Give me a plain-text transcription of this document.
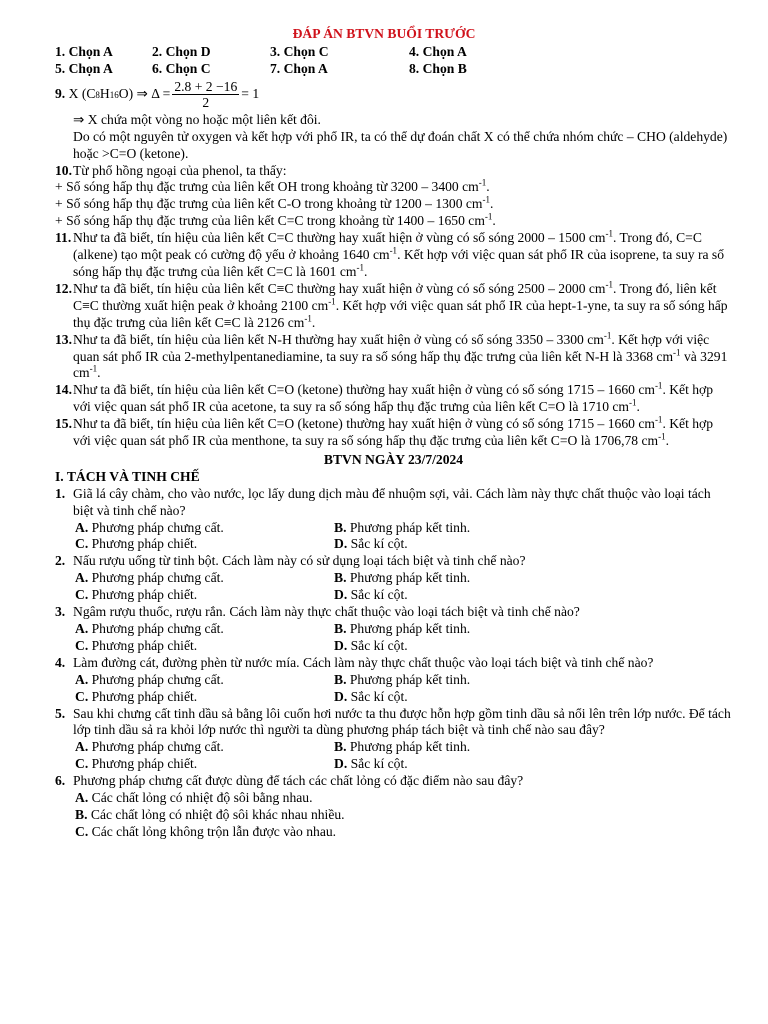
ĐÁP ÁN BTVN BUỔI TRƯỚC
1. Chọn A	2. Chọn D	3. Chọn C	4. Chọn A
5. Chọn A	6. Chọn C	7. Chọn A	8. Chọn B
9.
X (C 8 H 16 O) ⇒ $\Delta = \frac{2.8 + 2 -16}{2} = 1$
⇒ X chứa một vòng no hoặc một liên kết đôi.
Do có một nguyên tử oxygen và kết hợp với phổ IR, ta có thể dự đoán chất X có thể chứa nhóm chức – CHO (aldehyde) hoặc >C=O (ketone).
10. Từ phổ hồng ngoại của phenol, ta thấy:
+ Số sóng hấp thụ đặc trưng của liên kết OH trong khoảng từ 3200 – 3400 $cm^{-1}$.
+ Số sóng hấp thụ đặc trưng của liên kết C-O trong khoảng từ 1200 – 1300 $cm^{-1}$.
+ Số sóng hấp thụ đặc trưng của liên kết C=C trong khoảng từ 1400 – 1650 $cm^{-1}$.
11. Như ta đã biết, tín hiệu của liên kết C=C thường hay xuất hiện ở vùng có số sóng 2000 – 1500 $cm^{-1}$. Trong đó, C=C (alkene) tạo một peak có cường độ yếu ở khoảng 1640 $cm^{-1}$. Kết hợp với việc quan sát phổ IR của isoprene, ta suy ra số sóng hấp thụ đặc trưng của liên kết C=C là 1601 $cm^{-1}$.
12. Như ta đã biết, tín hiệu của liên kết C≡C thường hay xuất hiện ở vùng có số sóng 2500 – 2000 $cm^{-1}$. Trong đó, liên kết C≡C thường xuất hiện peak ở khoảng 2100 $cm^{-1}$. Kết hợp với việc quan sát phổ IR của hept-1-yne, ta suy ra số sóng hấp thụ đặc trưng của liên kết C≡C là 2126 $cm^{-1}$.
13. Như ta đã biết, tín hiệu của liên kết N-H thường hay xuất hiện ở vùng có số sóng 3350 – 3300 $cm^{-1}$. Kết hợp với việc quan sát phổ IR của 2-methylpentanediamine, ta suy ra số sóng hấp thụ đặc trưng của liên kết N-H là 3368 $cm^{-1}$ và 3291 $cm^{-1}$.
14. Như ta đã biết, tín hiệu của liên kết C=O (ketone) thường hay xuất hiện ở vùng có số sóng 1715 – 1660 $cm^{-1}$. Kết hợp với việc quan sát phổ IR của acetone, ta suy ra số sóng hấp thụ đặc trưng của liên kết C=O là 1710 $cm^{-1}$.
15. Như ta đã biết, tín hiệu của liên kết C=O (ketone) thường hay xuất hiện ở vùng có số sóng 1715 – 1660 $cm^{-1}$. Kết hợp với việc quan sát phổ IR của menthone, ta suy ra số sóng hấp thụ đặc trưng của liên kết C=O là 1706,78 $cm^{-1}$.
BTVN NGÀY 23/7/2024
I. TÁCH VÀ TINH CHẾ
1. Giã lá cây chàm, cho vào nước, lọc lấy dung dịch màu để nhuộm sợi, vải. Cách làm này thực chất thuộc vào loại tách biệt và tinh chế nào?
A. Phương pháp chưng cất.	B. Phương pháp kết tinh.
C. Phương pháp chiết.	D. Sắc kí cột.
2. Nấu rượu uống từ tinh bột. Cách làm này có sử dụng loại tách biệt và tinh chế nào?
A. Phương pháp chưng cất.	B. Phương pháp kết tinh.
C. Phương pháp chiết.	D. Sắc kí cột.
3. Ngâm rượu thuốc, rượu rắn. Cách làm này thực chất thuộc vào loại tách biệt và tinh chế nào?
A. Phương pháp chưng cất.	B. Phương pháp kết tinh.
C. Phương pháp chiết.	D. Sắc kí cột.
4. Làm đường cát, đường phèn từ nước mía. Cách làm này thực chất thuộc vào loại tách biệt và tinh chế nào?
A. Phương pháp chưng cất.	B. Phương pháp kết tinh.
C. Phương pháp chiết.	D. Sắc kí cột.
5. Sau khi chưng cất tinh dầu sả bằng lôi cuốn hơi nước ta thu được hỗn hợp gồm tinh dầu sả nổi lên trên lớp nước. Để tách lớp tinh dầu sả ra khỏi lớp nước thì người ta dùng phương pháp tách biệt và tinh chế nào sau đây?
A. Phương pháp chưng cất.	B. Phương pháp kết tinh.
C. Phương pháp chiết.	D. Sắc kí cột.
6. Phương pháp chưng cất được dùng để tách các chất lỏng có đặc điểm nào sau đây?
A. Các chất lỏng có nhiệt độ sôi bằng nhau.
B. Các chất lỏng có nhiệt độ sôi khác nhau nhiều.
C. Các chất lỏng không trộn lẫn được vào nhau.
